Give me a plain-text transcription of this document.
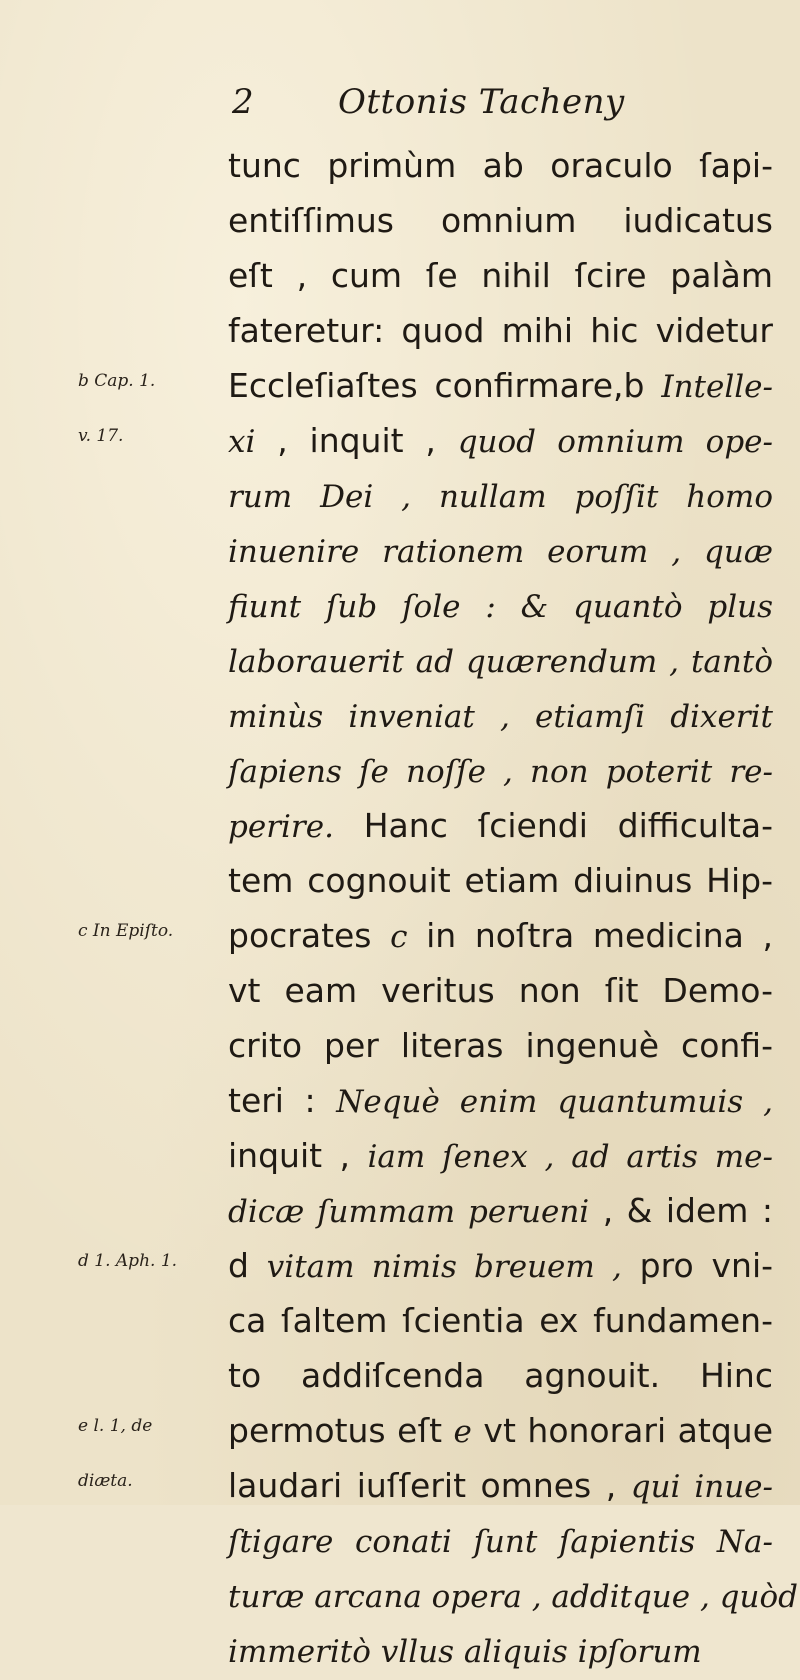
2 Ottonis Tacheny
tunc primùm ab oraculo ſapi-
entiſſimus omnium iudicatus
eſt , cum ſe nihil ſcire palàm
fateretur: quod mihi hic videtur
Eccleſiaſtes confirmare,b Intelle-
xi , inquit , quod omnium ope-
rum Dei , nullam poſſit homo
inuenire rationem eorum , quæ
fiunt ſub ſole : & quantò plus
laborauerit ad quærendum , tantò
minùs inveniat , etiamſi dixerit
ſapiens ſe noſſe , non poterit re-
perire. Hanc ſciendi difficulta-
tem cognouit etiam diuinus Hip-
pocrates c in noſtra medicina ,
vt eam veritus non ſit Demo-
crito per literas ingenuè confi-
teri : Nequè enim quantumuis ,
inquit , iam ſenex , ad artis me-
dicæ ſummam perueni , & idem :
d vitam nimis breuem , pro vni-
ca ſaltem ſcientia ex fundamen-
to addiſcenda agnouit. Hinc
permotus eſt e vt honorari atque
laudari iuſſerit omnes , qui inue-
ſtigare conati ſunt ſapientis Na-
turæ arcana opera , additque , quòd
immeritò vllus aliquis ipſorum
b Cap. 1.
v. 17.
c In Epiſto.
d 1. Aph. 1.
e l. 1, de
diæta.
